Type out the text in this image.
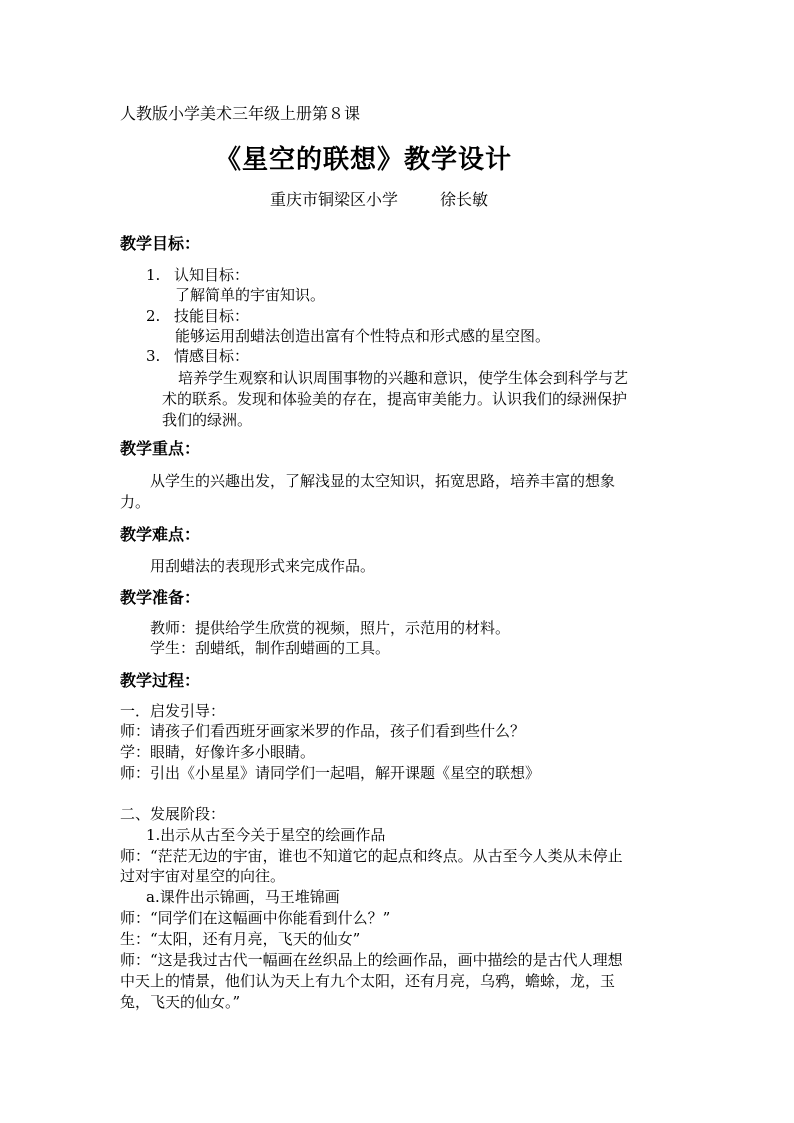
人教版小学美术三年级上册第８课
《星空的联想》教学设计
重庆市铜梁区小学	徐长敏
教学目标：
1. 认知目标：
了解简单的宇宙知识。
2. 技能目标：
能够运用刮蜡法创造出富有个性特点和形式感的星空图。
3. 情感目标：
培养学生观察和认识周围事物的兴趣和意识，使学生体会到科学与艺
术的联系。发现和体验美的存在，提高审美能力。认识我们的绿洲保护
我们的绿洲。
教学重点：
从学生的兴趣出发，了解浅显的太空知识，拓宽思路，培养丰富的想象
力。
教学难点：
用刮蜡法的表现形式来完成作品。
教学准备：
教师：提供给学生欣赏的视频，照片，示范用的材料。
学生：刮蜡纸，制作刮蜡画的工具。
教学过程：
一．启发引导：
师：请孩子们看西班牙画家米罗的作品，孩子们看到些什么？
学：眼睛，好像许多小眼睛。
师：引出《小星星》请同学们一起唱，解开课题《星空的联想》
二、发展阶段：
1.出示从古至今关于星空的绘画作品
师：“茫茫无边的宇宙，谁也不知道它的起点和终点。从古至今人类从未停止
过对宇宙对星空的向往。
a.课件出示锦画，马王堆锦画
师：“同学们在这幅画中你能看到什么？”
生：“太阳，还有月亮，飞天的仙女”
师：“这是我过古代一幅画在丝织品上的绘画作品，画中描绘的是古代人理想
中天上的情景，他们认为天上有九个太阳，还有月亮，乌鸦，蟾蜍，龙，玉
兔，飞天的仙女。”
